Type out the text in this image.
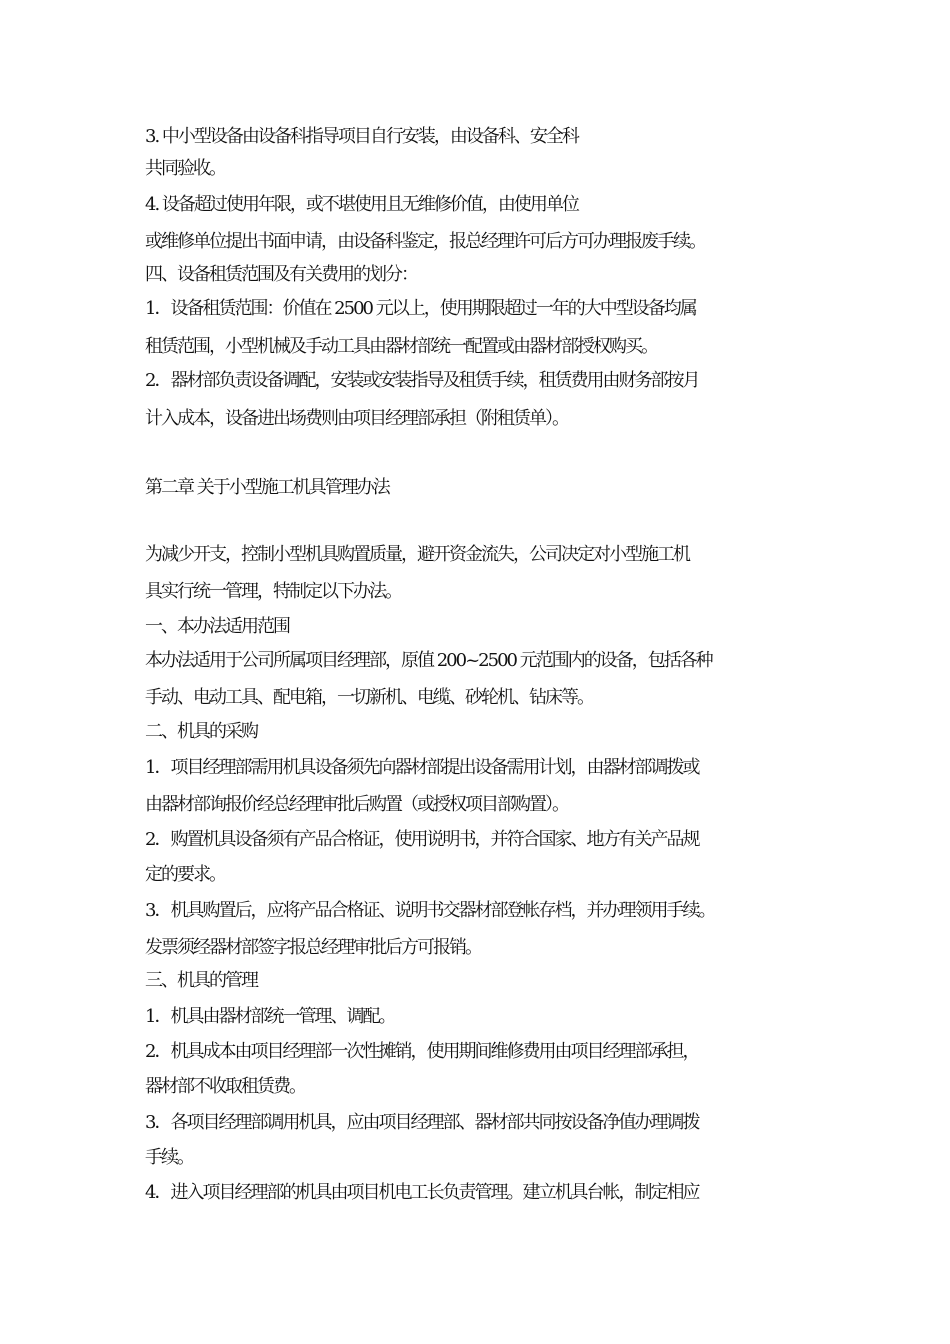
3. 中小型设备由设备科指导项目自行安装，由设备科、安全科
共同验收。
4. 设备超过使用年限，或不堪使用且无维修价值，由使用单位
或维修单位提出书面申请，由设备科鉴定，报总经理许可后方可办理报废手续。
四、设备租赁范围及有关费用的划分：
1．设备租赁范围：价值在 2500 元以上，使用期限超过一年的大中型设备均属
租赁范围，小型机械及手动工具由器材部统一配置或由器材部授权购买。
2．器材部负责设备调配，安装或安装指导及租赁手续，租赁费用由财务部按月
计入成本，设备进出场费则由项目经理部承担（附租赁单）。
第二章 关于小型施工机具管理办法
为减少开支，控制小型机具购置质量，避开资金流失，公司决定对小型施工机
具实行统一管理，特制定以下办法。
一、本办法适用范围
本办法适用于公司所属项目经理部，原值 200~2500 元范围内的设备，包括各种
手动、电动工具、配电箱，一切新机、电缆、砂轮机、钻床等。
二、机具的采购
1．项目经理部需用机具设备须先向器材部提出设备需用计划，由器材部调拨或
由器材部询报价经总经理审批后购置（或授权项目部购置）。
2．购置机具设备须有产品合格证，使用说明书，并符合国家、地方有关产品规
定的要求。
3．机具购置后，应将产品合格证、说明书交器材部登帐存档，并办理领用手续。
发票须经器材部签字报总经理审批后方可报销。
三、机具的管理
1．机具由器材部统一管理、调配。
2．机具成本由项目经理部一次性摊销，使用期间维修费用由项目经理部承担，
器材部不收取租赁费。
3．各项目经理部调用机具，应由项目经理部、器材部共同按设备净值办理调拨
手续。
4．进入项目经理部的机具由项目机电工长负责管理。建立机具台帐，制定相应
